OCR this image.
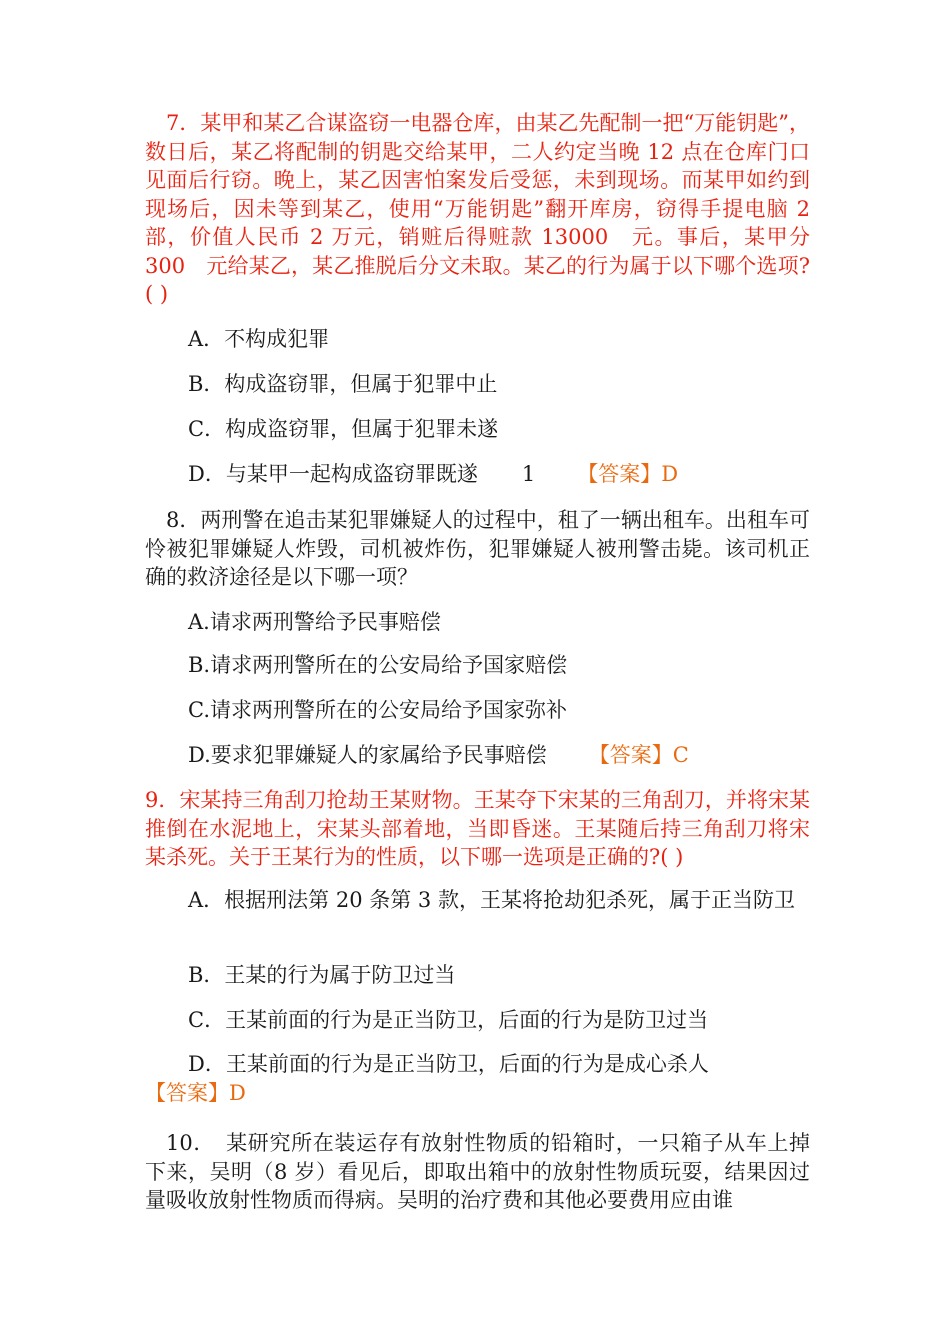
7．某甲和某乙合谋盗窃一电器仓库，由某乙先配制一把“万能钥匙”，数日后，某乙将配制的钥匙交给某甲，二人约定当晚 12 点在仓库门口见面后行窃。晚上，某乙因害怕案发后受惩，未到现场。而某甲如约到现场后，因未等到某乙，使用“万能钥匙”翻开库房，窃得手提电脑 2 部，价值人民币 2 万元，销赃后得赃款 13000　元。事后，某甲分 300　元给某乙，某乙推脱后分文未取。某乙的行为属于以下哪个选项?( )

A．不构成犯罪

B．构成盗窃罪，但属于犯罪中止

C．构成盗窃罪，但属于犯罪未遂

D．与某甲一起构成盗窃罪既遂 1 【答案】D

8．两刑警在追击某犯罪嫌疑人的过程中，租了一辆出租车。出租车可怜被犯罪嫌疑人炸毁，司机被炸伤，犯罪嫌疑人被刑警击毙。该司机正确的救济途径是以下哪一项？

A.请求两刑警给予民事赔偿

B.请求两刑警所在的公安局给予国家赔偿

C.请求两刑警所在的公安局给予国家弥补

D.要求犯罪嫌疑人的家属给予民事赔偿 【答案】C

9．宋某持三角刮刀抢劫王某财物。王某夺下宋某的三角刮刀，并将宋某推倒在水泥地上，宋某头部着地，当即昏迷。王某随后持三角刮刀将宋某杀死。关于王某行为的性质，以下哪一选项是正确的?( )

A．根据刑法第 20 条第 3 款，王某将抢劫犯杀死，属于正当防卫

B．王某的行为属于防卫过当

C．王某前面的行为是正当防卫，后面的行为是防卫过当

D．王某前面的行为是正当防卫，后面的行为是成心杀人

【答案】D

10．　某研究所在装运存有放射性物质的铅箱时，一只箱子从车上掉下来，吴明（8 岁）看见后，即取出箱中的放射性物质玩耍，结果因过量吸收放射性物质而得病。吴明的治疗费和其他必要费用应由谁
